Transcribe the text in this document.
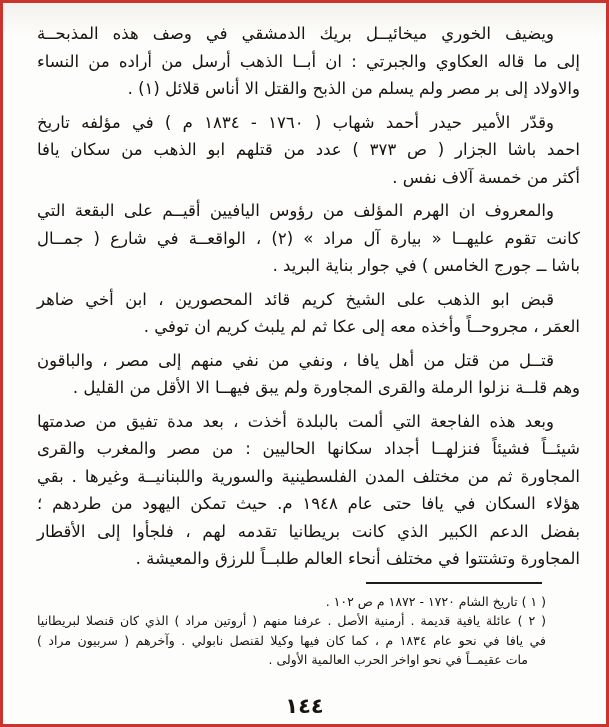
ويضيف الخوري ميخائيــل بريك الدمشقي في وصف هذه المذبحــة
إلى ما قاله العكاوي والجبرتي : ان أبــا الذهب أرسل من أراده من النساء
والاولاد إلى بر مصر ولم يسلم من الذبح والقتل الا أناس قلائل (١) .
وقدّر الأمير حيدر أحمد شهاب ( ١٧٦٠ - ١٨٣٤ م ) في مؤلفه تاريخ
احمد باشا الجزار ( ص ٣٧٣ ) عدد من قتلهم ابو الذهب من سكان يافا
أكثر من خمسة آلاف نفس .
والمعروف ان الهرم المؤلف من رؤوس اليافيين أقيــم على البقعة التي
كانت تقوم عليهــا « بيارة آل مراد » (٢) ، الواقعــة في شارع ( جمــال
باشا ــ جورج الخامس ) في جوار بناية البريد .
قبض ابو الذهب على الشيخ كريم قائد المحصورين ، ابن أخي ضاهر
العمَر ، مجروحــاً وأخذه معه إلى عكا ثم لم يلبث كريم ان توفي .
قتــل من قتل من أهل يافا ، ونفي من نفي منهم إلى مصر ، والباقون
وهم قلــة نزلوا الرملة والقرى المجاورة ولم يبق فيهــا الا الأقل من القليل .
وبعد هذه الفاجعة التي ألمت بالبلدة أخذت ، بعد مدة تفيق من صدمتها
شيئــاً فشيئاً فنزلهــا أجداد سكانها الحاليين : من مصر والمغرب والقرى
المجاورة ثم من مختلف المدن الفلسطينية والسورية واللبنانيــة وغيرها . بقي
هؤلاء السكان في يافا حتى عام ١٩٤٨ م. حيث تمكن اليهود من طردهم ؛
بفضل الدعم الكبير الذي كانت بريطانيا تقدمه لهم ، فلجأوا إلى الأقطار
المجاورة وتشتتوا في مختلف أنحاء العالم طلبــاً للرزق والمعيشة .
( ١ ) تاريخ الشام ١٧٢٠ - ١٨٧٢ م ص ١٠٢ .
( ٢ ) عائلة يافية قديمة . أرمنية الأصل . عرفنا منهم ( أروتين مراد ) الذي كان قنصلا لبريطانيا
في يافا في نحو عام ١٨٣٤ م ، كما كان فيها وكيلا لقنصل نابولي . وآخرهم ( سربيون مراد )
مات عقيمــاً في نحو اواخر الحرب العالمية الأولى .
١٤٤
